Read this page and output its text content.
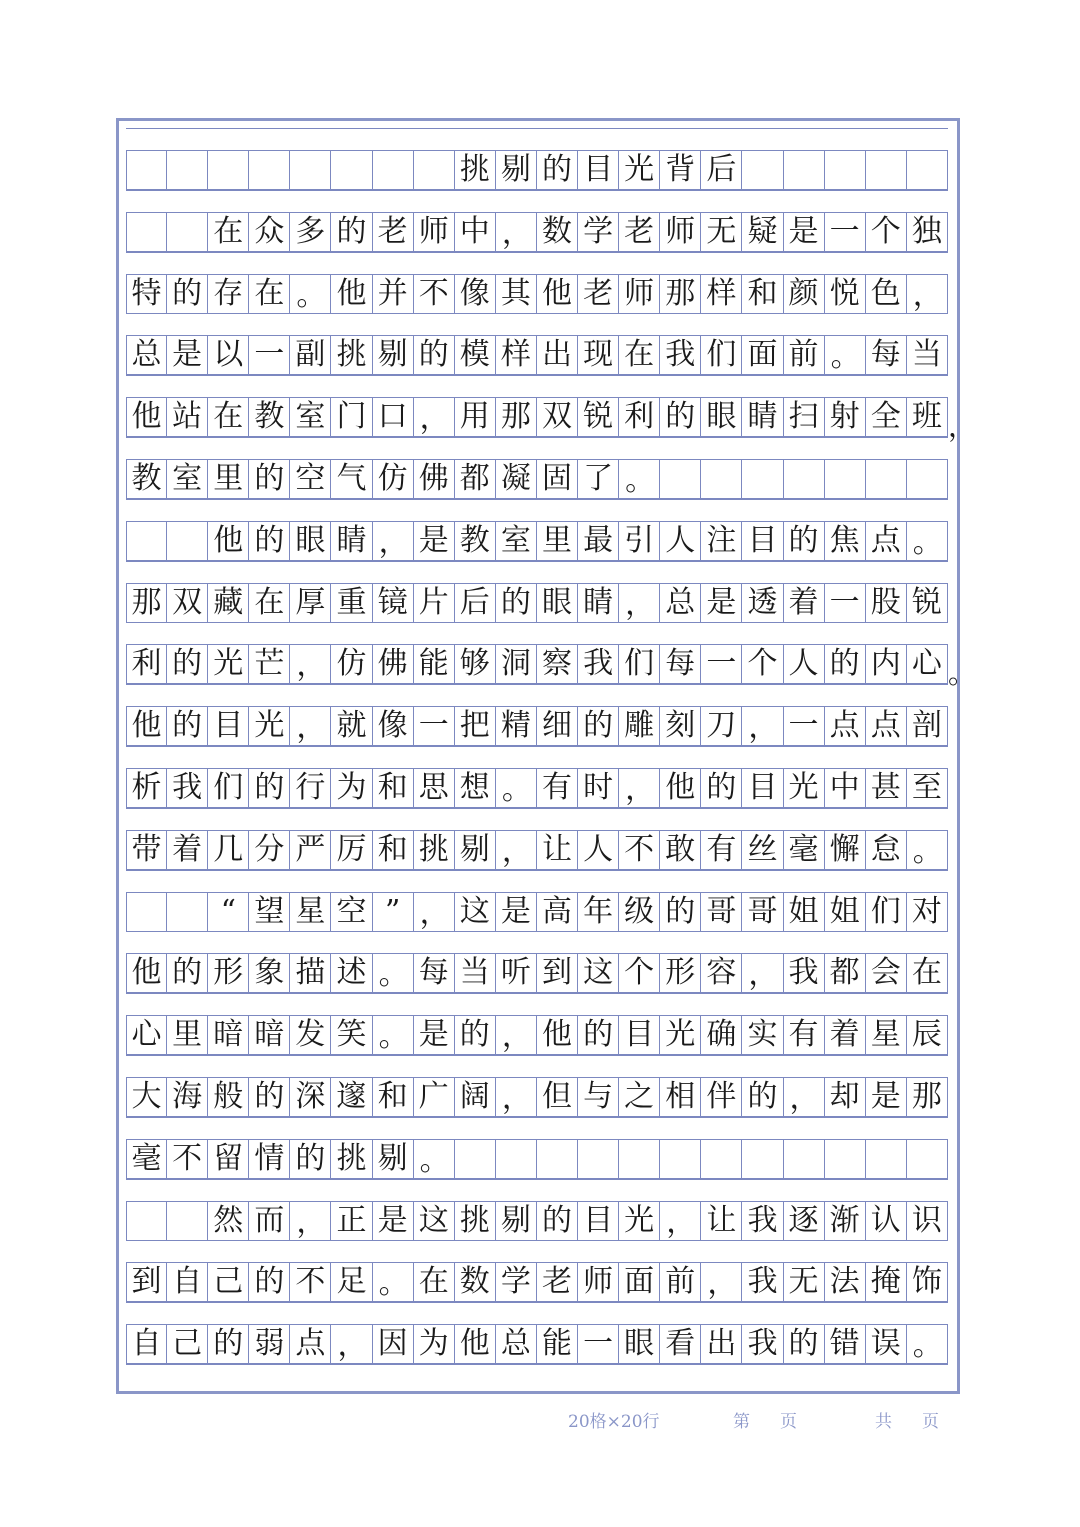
挑 剔 的 目 光 背 后
在 众 多 的 老 师 中 ， 数 学 老 师 无 疑 是 一 个 独
特 的 存 在 。 他 并 不 像 其 他 老 师 那 样 和 颜 悦 色 ，
总 是 以 一 副 挑 剔 的 模 样 出 现 在 我 们 面 前 。 每 当
他 站 在 教 室 门 口 ， 用 那 双 锐 利 的 眼 睛 扫 射 全 班
教 室 里 的 空 气 仿 佛 都 凝 固 了 。
他 的 眼 睛 ， 是 教 室 里 最 引 人 注 目 的 焦 点 。
那 双 藏 在 厚 重 镜 片 后 的 眼 睛 ， 总 是 透 着 一 股 锐
利 的 光 芒 ， 仿 佛 能 够 洞 察 我 们 每 一 个 人 的 内 心
他 的 目 光 ， 就 像 一 把 精 细 的 雕 刻 刀 ， 一 点 点 剖
析 我 们 的 行 为 和 思 想 。 有 时 ， 他 的 目 光 中 甚 至
带 着 几 分 严 厉 和 挑 剔 ， 让 人 不 敢 有 丝 毫 懈 怠 。
“ 望 星 空 ” ， 这 是 高 年 级 的 哥 哥 姐 姐 们 对
他 的 形 象 描 述 。 每 当 听 到 这 个 形 容 ， 我 都 会 在
心 里 暗 暗 发 笑 。 是 的 ， 他 的 目 光 确 实 有 着 星 辰
大 海 般 的 深 邃 和 广 阔 ， 但 与 之 相 伴 的 ， 却 是 那
毫 不 留 情 的 挑 剔 。
然 而 ， 正 是 这 挑 剔 的 目 光 ， 让 我 逐 渐 认 识
到 自 己 的 不 足 。 在 数 学 老 师 面 前 ， 我 无 法 掩 饰
自 己 的 弱 点 ， 因 为 他 总 能 一 眼 看 出 我 的 错 误 。
，
。
20格×20行	第 页	共 页
